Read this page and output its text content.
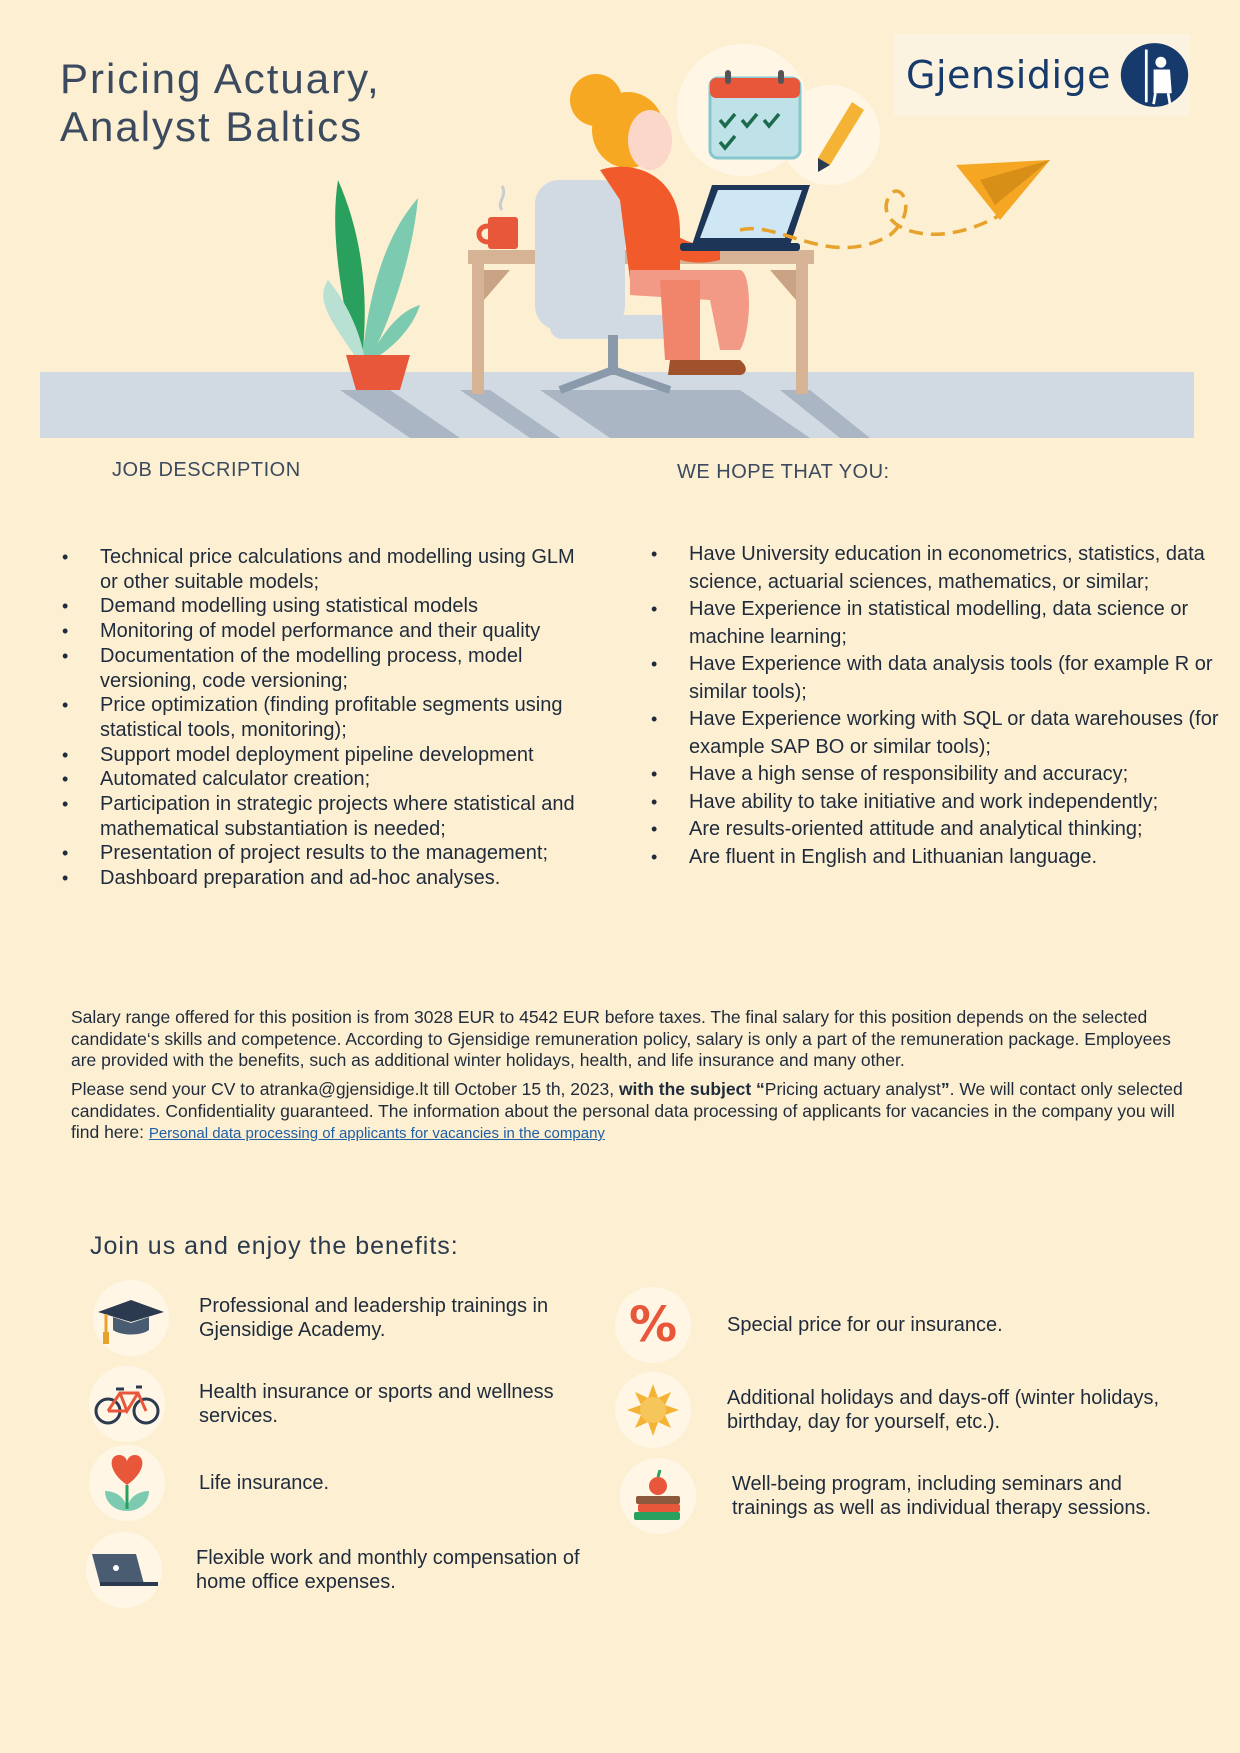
Pricing Actuary,
Analyst Baltics
Gjensidige
JOB DESCRIPTION
• Technical price calculations and modelling using GLM or other suitable models;
• Demand modelling using statistical models
• Monitoring of model performance and their quality
• Documentation of the modelling process, model versioning, code versioning;
• Price optimization (finding profitable segments using statistical tools, monitoring);
• Support model deployment pipeline development
• Automated calculator creation;
• Participation in strategic projects where statistical and mathematical substantiation is needed;
• Presentation of project results to the management;
• Dashboard preparation and ad-hoc analyses.
WE HOPE THAT YOU:
• Have University education in econometrics, statistics, data science, actuarial sciences, mathematics, or similar;
• Have Experience in statistical modelling, data science or machine learning;
• Have Experience with data analysis tools (for example R or similar tools);
• Have Experience working with SQL or data warehouses (for example SAP BO or similar tools);
• Have a high sense of responsibility and accuracy;
• Have ability to take initiative and work independently;
• Are results-oriented attitude and analytical thinking;
• Are fluent in English and Lithuanian language.

Salary range offered for this position is from 3028 EUR to 4542 EUR before taxes. The final salary for this position depends on the selected candidate‘s skills and competence. According to Gjensidige remuneration policy, salary is only a part of the remuneration package. Employees are provided with the benefits, such as additional winter holidays, health, and life insurance and many other.

Please send your CV to atranka@gjensidige.lt till October 15 th, 2023, with the subject “Pricing actuary analyst”. We will contact only selected candidates. Confidentiality guaranteed. The information about the personal data processing of applicants for vacancies in the company you will find here: Personal data processing of applicants for vacancies in the company

Join us and enjoy the benefits:
Professional and leadership trainings in Gjensidige Academy.
Health insurance or sports and wellness services.
Life insurance.
Flexible work and monthly compensation of home office expenses.
% Special price for our insurance.
Additional holidays and days-off (winter holidays, birthday, day for yourself, etc.).
Well-being program, including seminars and trainings as well as individual therapy sessions.
